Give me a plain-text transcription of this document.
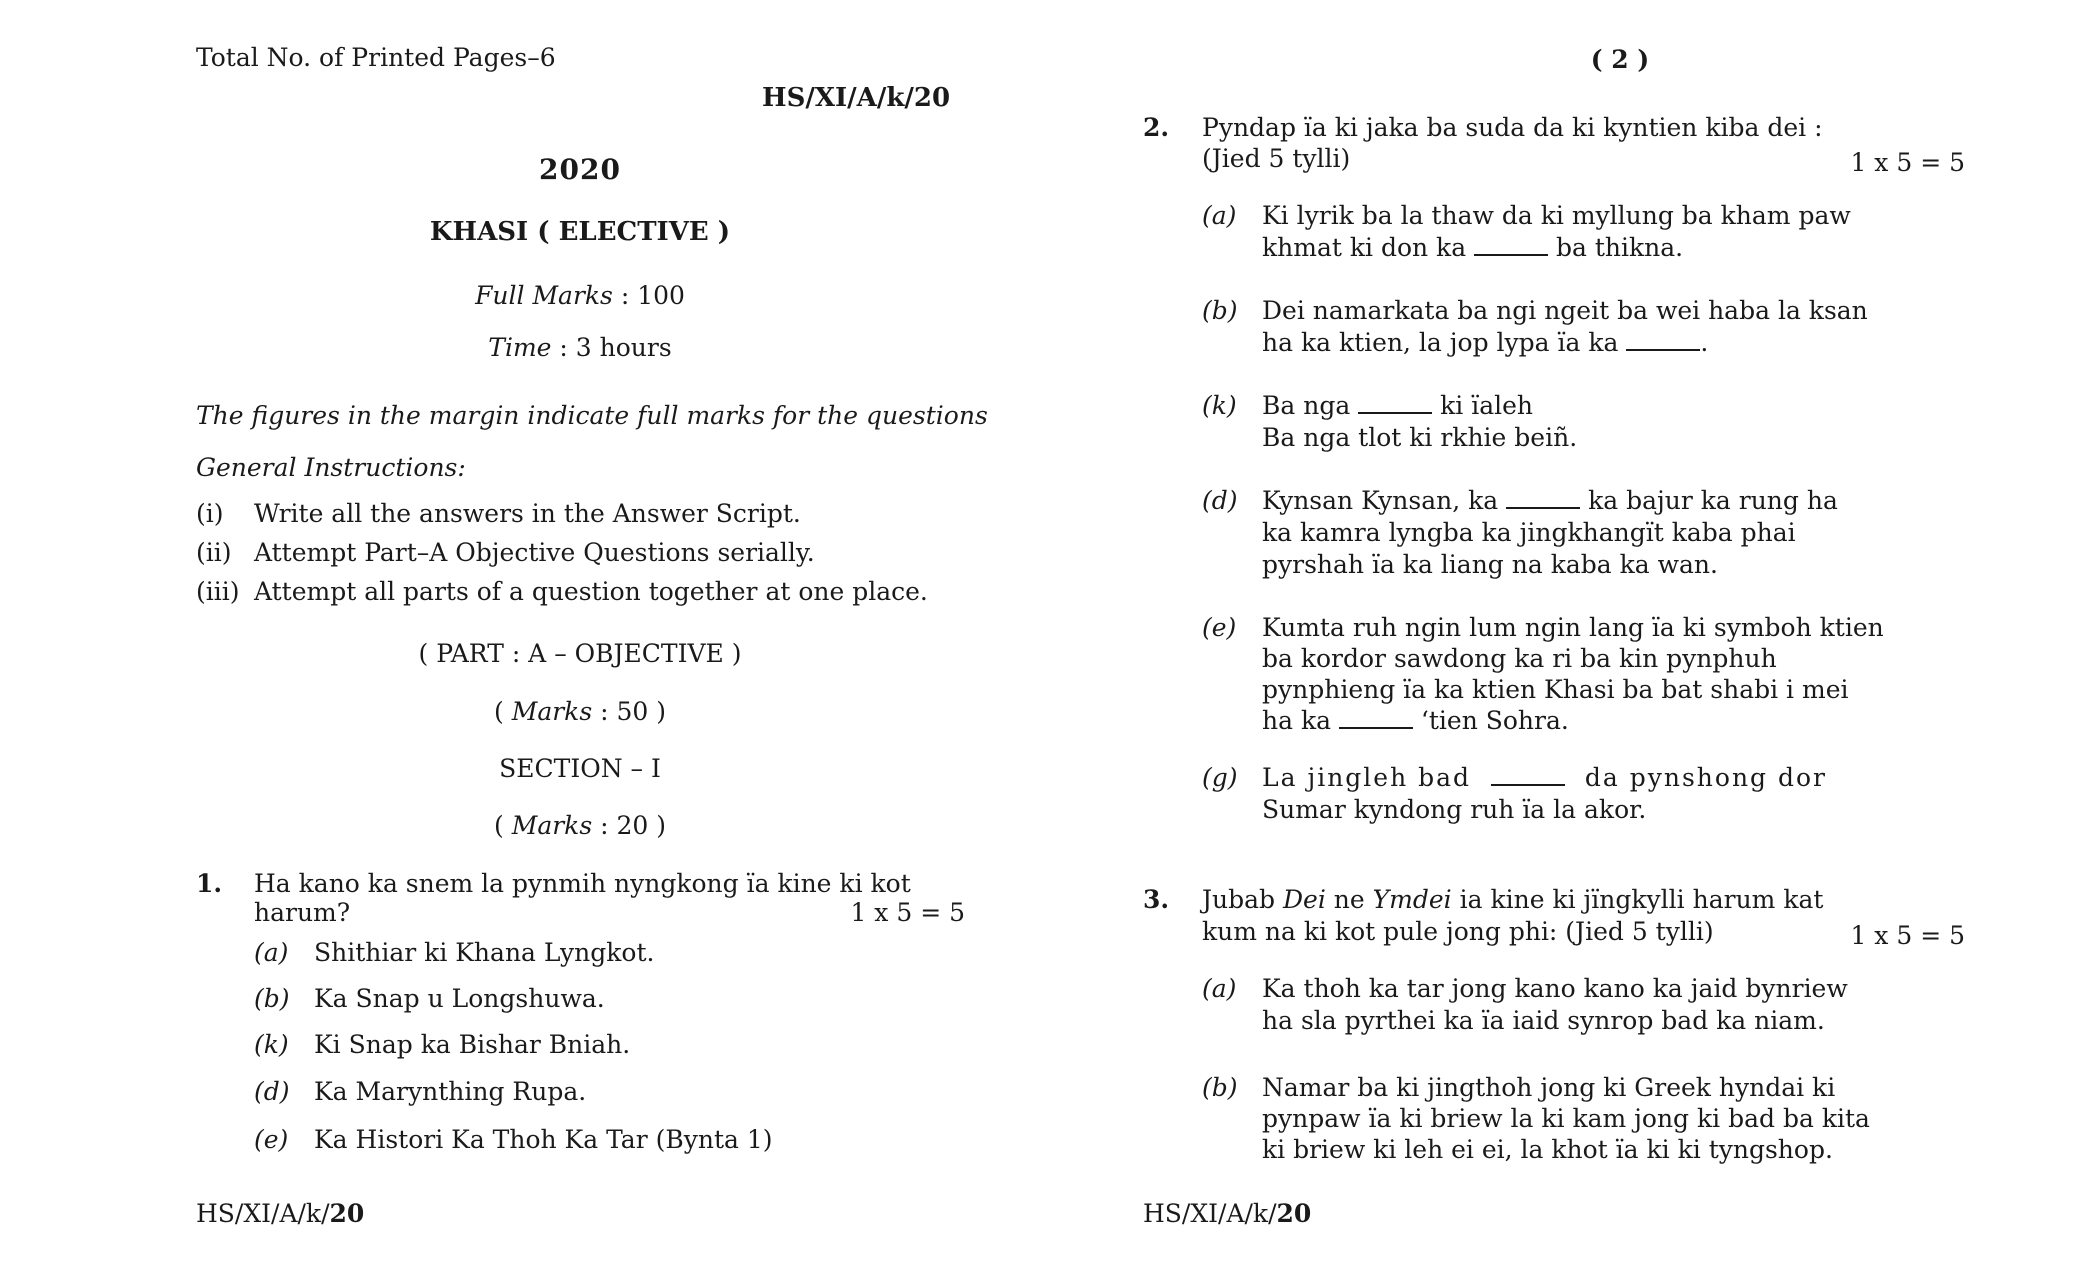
Total No. of Printed Pages–6
HS/XI/A/k/20
2020
KHASI ( ELECTIVE )
Full Marks : 100
Time : 3 hours
The figures in the margin indicate full marks for the questions
General Instructions:
(i) Write all the answers in the Answer Script.
(ii) Attempt Part–A Objective Questions serially.
(iii) Attempt all parts of a question together at one place.
( PART : A – OBJECTIVE )
( Marks : 50 )
SECTION – I
( Marks : 20 )
1. Ha kano ka snem la pynmih nyngkong ïa kine ki kot
harum?	1 x 5 = 5
(a) Shithiar ki Khana Lyngkot.
(b) Ka Snap u Longshuwa.
(k) Ki Snap ka Bishar Bniah.
(d) Ka Marynthing Rupa.
(e) Ka Histori Ka Thoh Ka Tar (Bynta 1)
HS/XI/A/k/20
( 2 )
2. Pyndap ïa ki jaka ba suda da ki kyntien kiba dei :
(Jied 5 tylli)	1 x 5 = 5
(a) Ki lyrik ba la thaw da ki myllung ba kham paw
khmat ki don ka	ba thikna.
(b) Dei namarkata ba ngi ngeit ba wei haba la ksan
ha ka ktien, la jop lypa ïa ka	.
(k) Ba nga	ki ïaleh
Ba nga tlot ki rkhie beiñ.
(d) Kynsan Kynsan, ka	ka bajur ka rung ha
ka kamra lyngba ka jingkhangït kaba phai
pyrshah ïa ka liang na kaba ka wan.
(e) Kumta ruh ngin lum ngin lang ïa ki symboh ktien
ba kordor sawdong ka ri ba kin pynphuh
pynphieng ïa ka ktien Khasi ba bat shabi i mei
ha ka	‘tien Sohra.
(g) La jingleh bad	da pynshong dor
Sumar kyndong ruh ïa la akor.
3. Jubab Dei ne Ymdei ia kine ki jïngkylli harum kat
kum na ki kot pule jong phi: (Jied 5 tylli)	1 x 5 = 5
(a) Ka thoh ka tar jong kano kano ka jaid bynriew
ha sla pyrthei ka ïa iaid synrop bad ka niam.
(b) Namar ba ki jingthoh jong ki Greek hyndai ki
pynpaw ïa ki briew la ki kam jong ki bad ba kita
ki briew ki leh ei ei, la khot ïa ki ki tyngshop.
HS/XI/A/k/20
